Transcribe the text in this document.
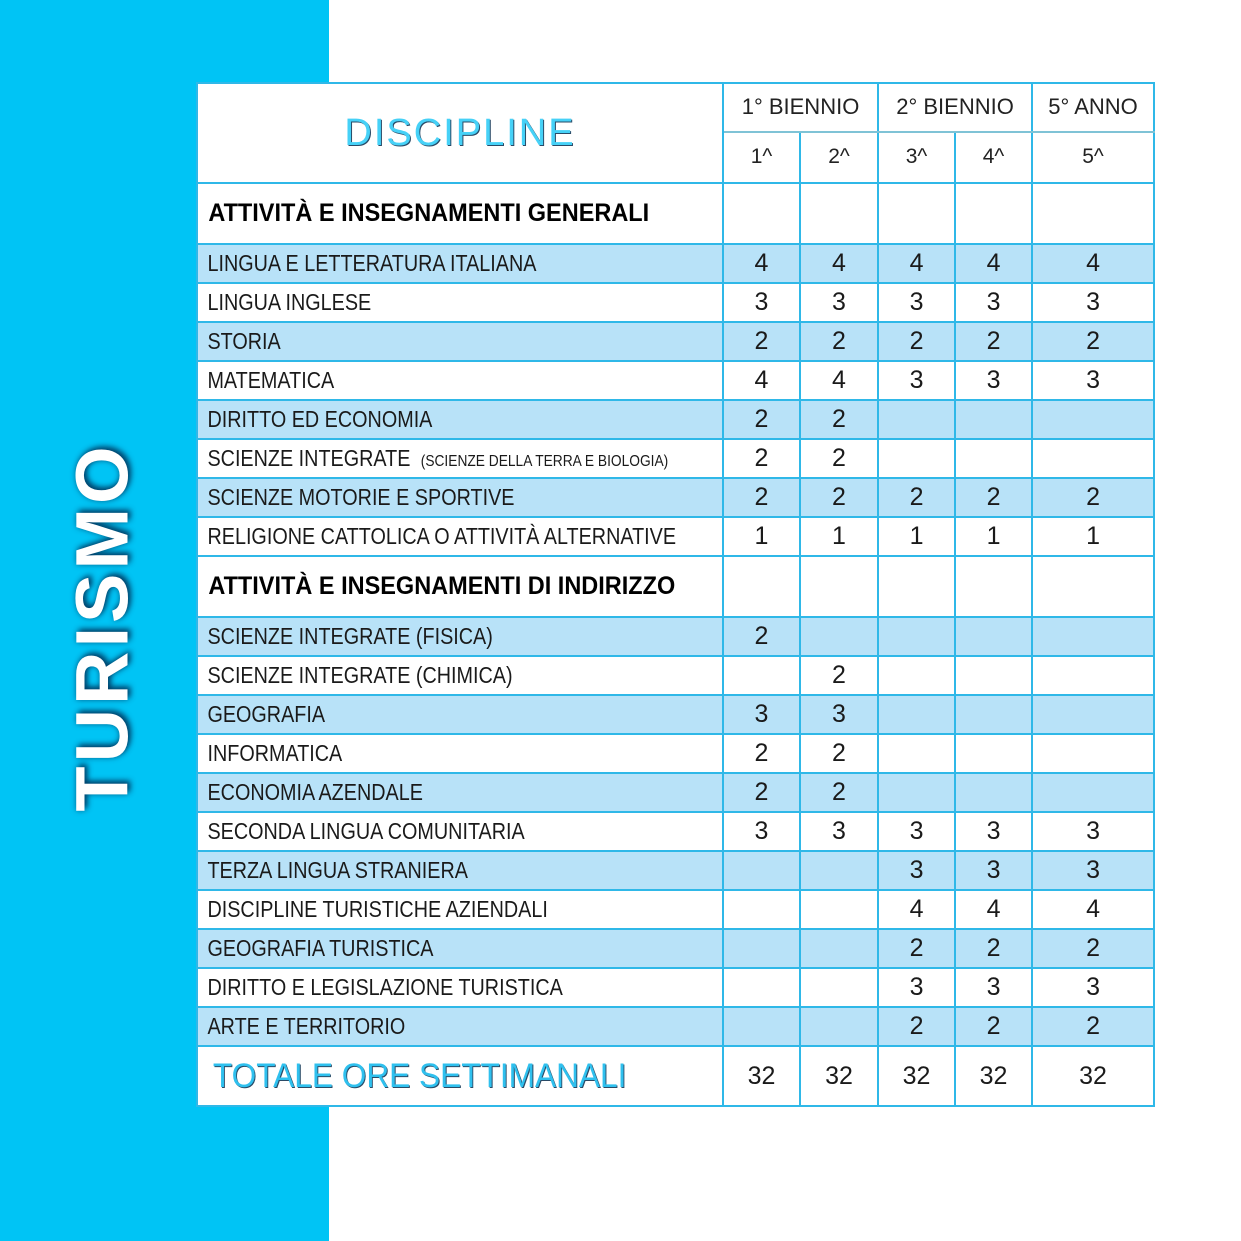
TURISMO
DISCIPLINE	1° BIENNIO		2° BIENNIO		5° ANNO
	1^	2^	3^	4^	5^
ATTIVITÀ E INSEGNAMENTI GENERALI					
LINGUA E LETTERATURA ITALIANA	4	4	4	4	4
LINGUA INGLESE	3	3	3	3	3
STORIA	2	2	2	2	2
MATEMATICA	4	4	3	3	3
DIRITTO ED ECONOMIA	2	2			
SCIENZE INTEGRATE (SCIENZE DELLA TERRA E BIOLOGIA)	2	2			
SCIENZE MOTORIE E SPORTIVE	2	2	2	2	2
RELIGIONE CATTOLICA O ATTIVITÀ ALTERNATIVE	1	1	1	1	1
ATTIVITÀ E INSEGNAMENTI DI INDIRIZZO					
SCIENZE INTEGRATE (FISICA)	2				
SCIENZE INTEGRATE (CHIMICA)		2			
GEOGRAFIA	3	3			
INFORMATICA	2	2			
ECONOMIA AZENDALE	2	2			
SECONDA LINGUA COMUNITARIA	3	3	3	3	3
TERZA LINGUA STRANIERA			3	3	3
DISCIPLINE TURISTICHE AZIENDALI			4	4	4
GEOGRAFIA TURISTICA			2	2	2
DIRITTO E LEGISLAZIONE TURISTICA			3	3	3
ARTE E TERRITORIO			2	2	2
TOTALE ORE SETTIMANALI	32	32	32	32	32
